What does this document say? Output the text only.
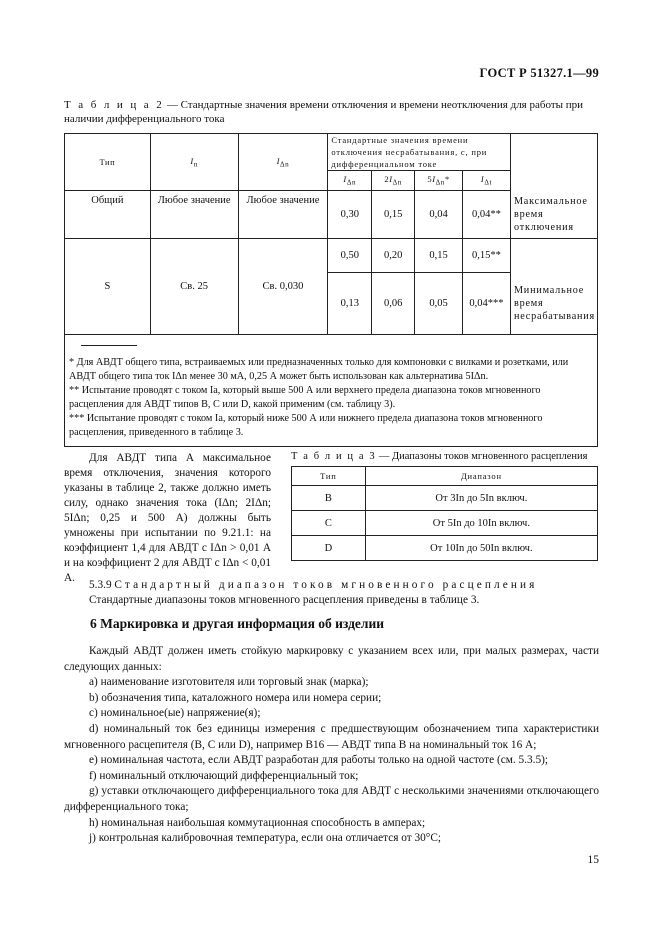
ГОСТ Р 51327.1—99
Т а б л и ц а 2 — Стандартные значения времени отключения и времени неотключения для работы при наличии дифференциального тока
Тип	$I_n$	$I_{\Delta n}$	Стандартные значения времени отключения несрабатывания, с, при дифференциальном токе				
			$I_{\Delta n}$	$2I_{\Delta n}$	$5I_{\Delta n}*$	$I_{\Delta t}$
Общий	Любое значение	Любое значение	0,30	0,15	0,04	0,04**	Максимальное время отключения
S	Св. 25	Св. 0,030	0,50	0,20	0,15	0,15**	
			0,13	0,06	0,05	0,04***	Минимальное время несрабатывания

* Для АВДТ общего типа, встраиваемых или предназначенных только для компоновки с вилками и розетками, или АВДТ общего типа ток IΔn менее 30 мА, 0,25 А может быть использован как альтернатива 5IΔn.
** Испытание проводят с током Ia, который выше 500 А или верхнего предела диапазона токов мгновенного расцепления для АВДТ типов В, С или D, какой применим (см. таблицу 3).
*** Испытание проводят с током Ia, который ниже 500 А или нижнего предела диапазона токов мгновенного расцепления, приведенного в таблице 3.							
Для АВДТ типа А максимальное время отключения, значения которого указаны в таблице 2, также должно иметь силу, однако значения тока (IΔn; 2IΔn; 5IΔn; 0,25 и 500 А) должны быть умножены при испытании по 9.21.1: на коэффициент 1,4 для АВДТ с IΔn > 0,01 А и на коэффициент 2 для АВДТ с IΔn < 0,01 А.
Т а б л и ц а 3 — Диапазоны токов мгновенного расцепления
Тип	Диапазон
B	От 3In до 5In включ.
C	От 5In до 10In включ.
D	От 10In до 50In включ.
5.3.9 Стандартный диапазон токов мгновенного расцепления
Стандартные диапазоны токов мгновенного расцепления приведены в таблице 3.
6 Маркировка и другая информация об изделии

Каждый АВДТ должен иметь стойкую маркировку с указанием всех или, при малых размерах, части следующих данных:

a) наименование изготовителя или торговый знак (марка);

b) обозначения типа, каталожного номера или номера серии;

c) номинальное(ые) напряжение(я);

d) номинальный ток без единицы измерения с предшествующим обозначением типа характеристики мгновенного расцепителя (В, С или D), например В16 — АВДТ типа В на номинальный ток 16 А;

e) номинальная частота, если АВДТ разработан для работы только на одной частоте (см. 5.3.5);

f) номинальный отключающий дифференциальный ток;

g) уставки отключающего дифференциального тока для АВДТ с несколькими значениями отключающего дифференциального тока;

h) номинальная наибольшая коммутационная способность в амперах;

j) контрольная калибровочная температура, если она отличается от 30°С;

15
